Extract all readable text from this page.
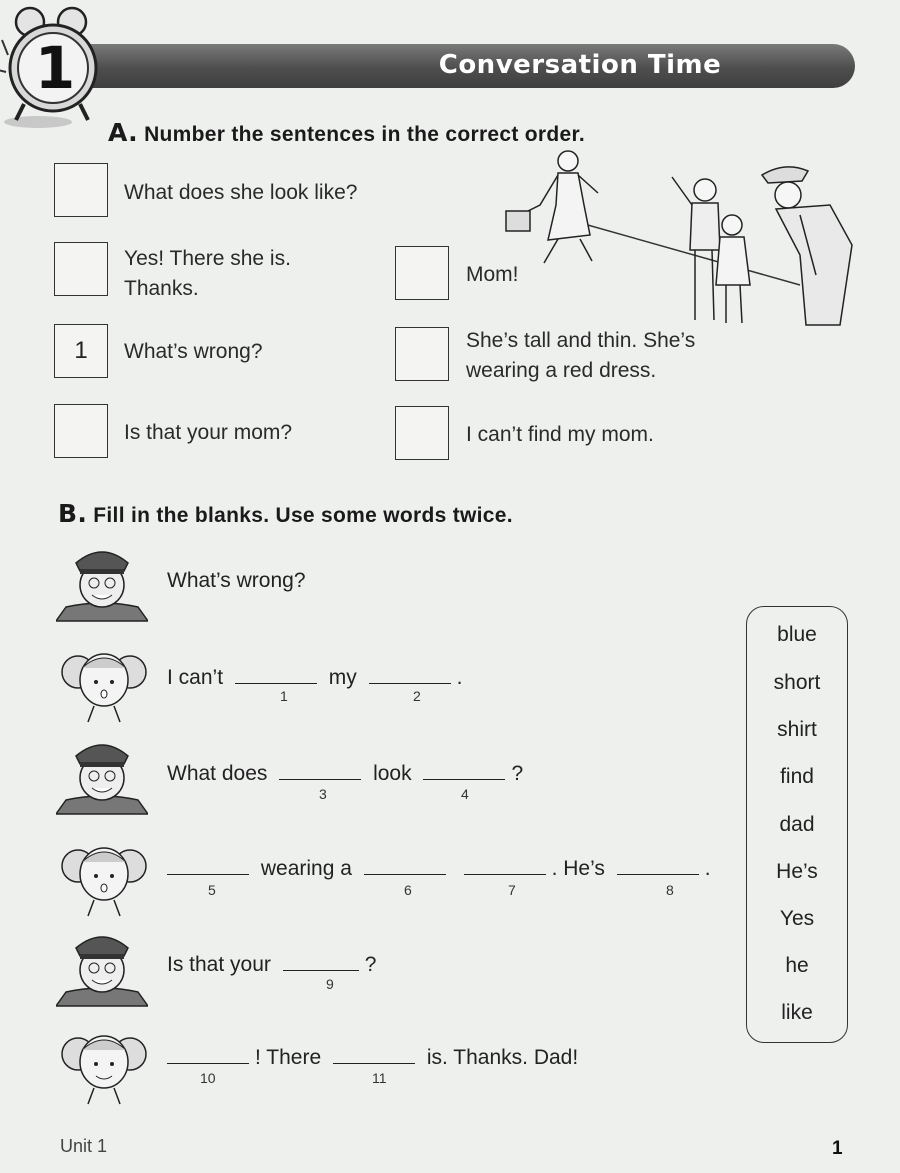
Conversation Time
1
A. Number the sentences in the correct order.
What does she look like?
Yes! There she is.
Thanks.
Mom!
1	What’s wrong?	She’s tall and thin. She’s
wearing a red dress.
Is that your mom?	I can’t find my mom.
B. Fill in the blanks. Use some words twice.
What’s wrong?
I can’t	my	.
1	2
What does	look	?
3	4
wearing a	. He’s	.
5	6	7	8
Is that your	?
9
! There	is. Thanks. Dad!
10	11
blue
short
shirt
find
dad
He’s
Yes
he
like
Unit 1	1
